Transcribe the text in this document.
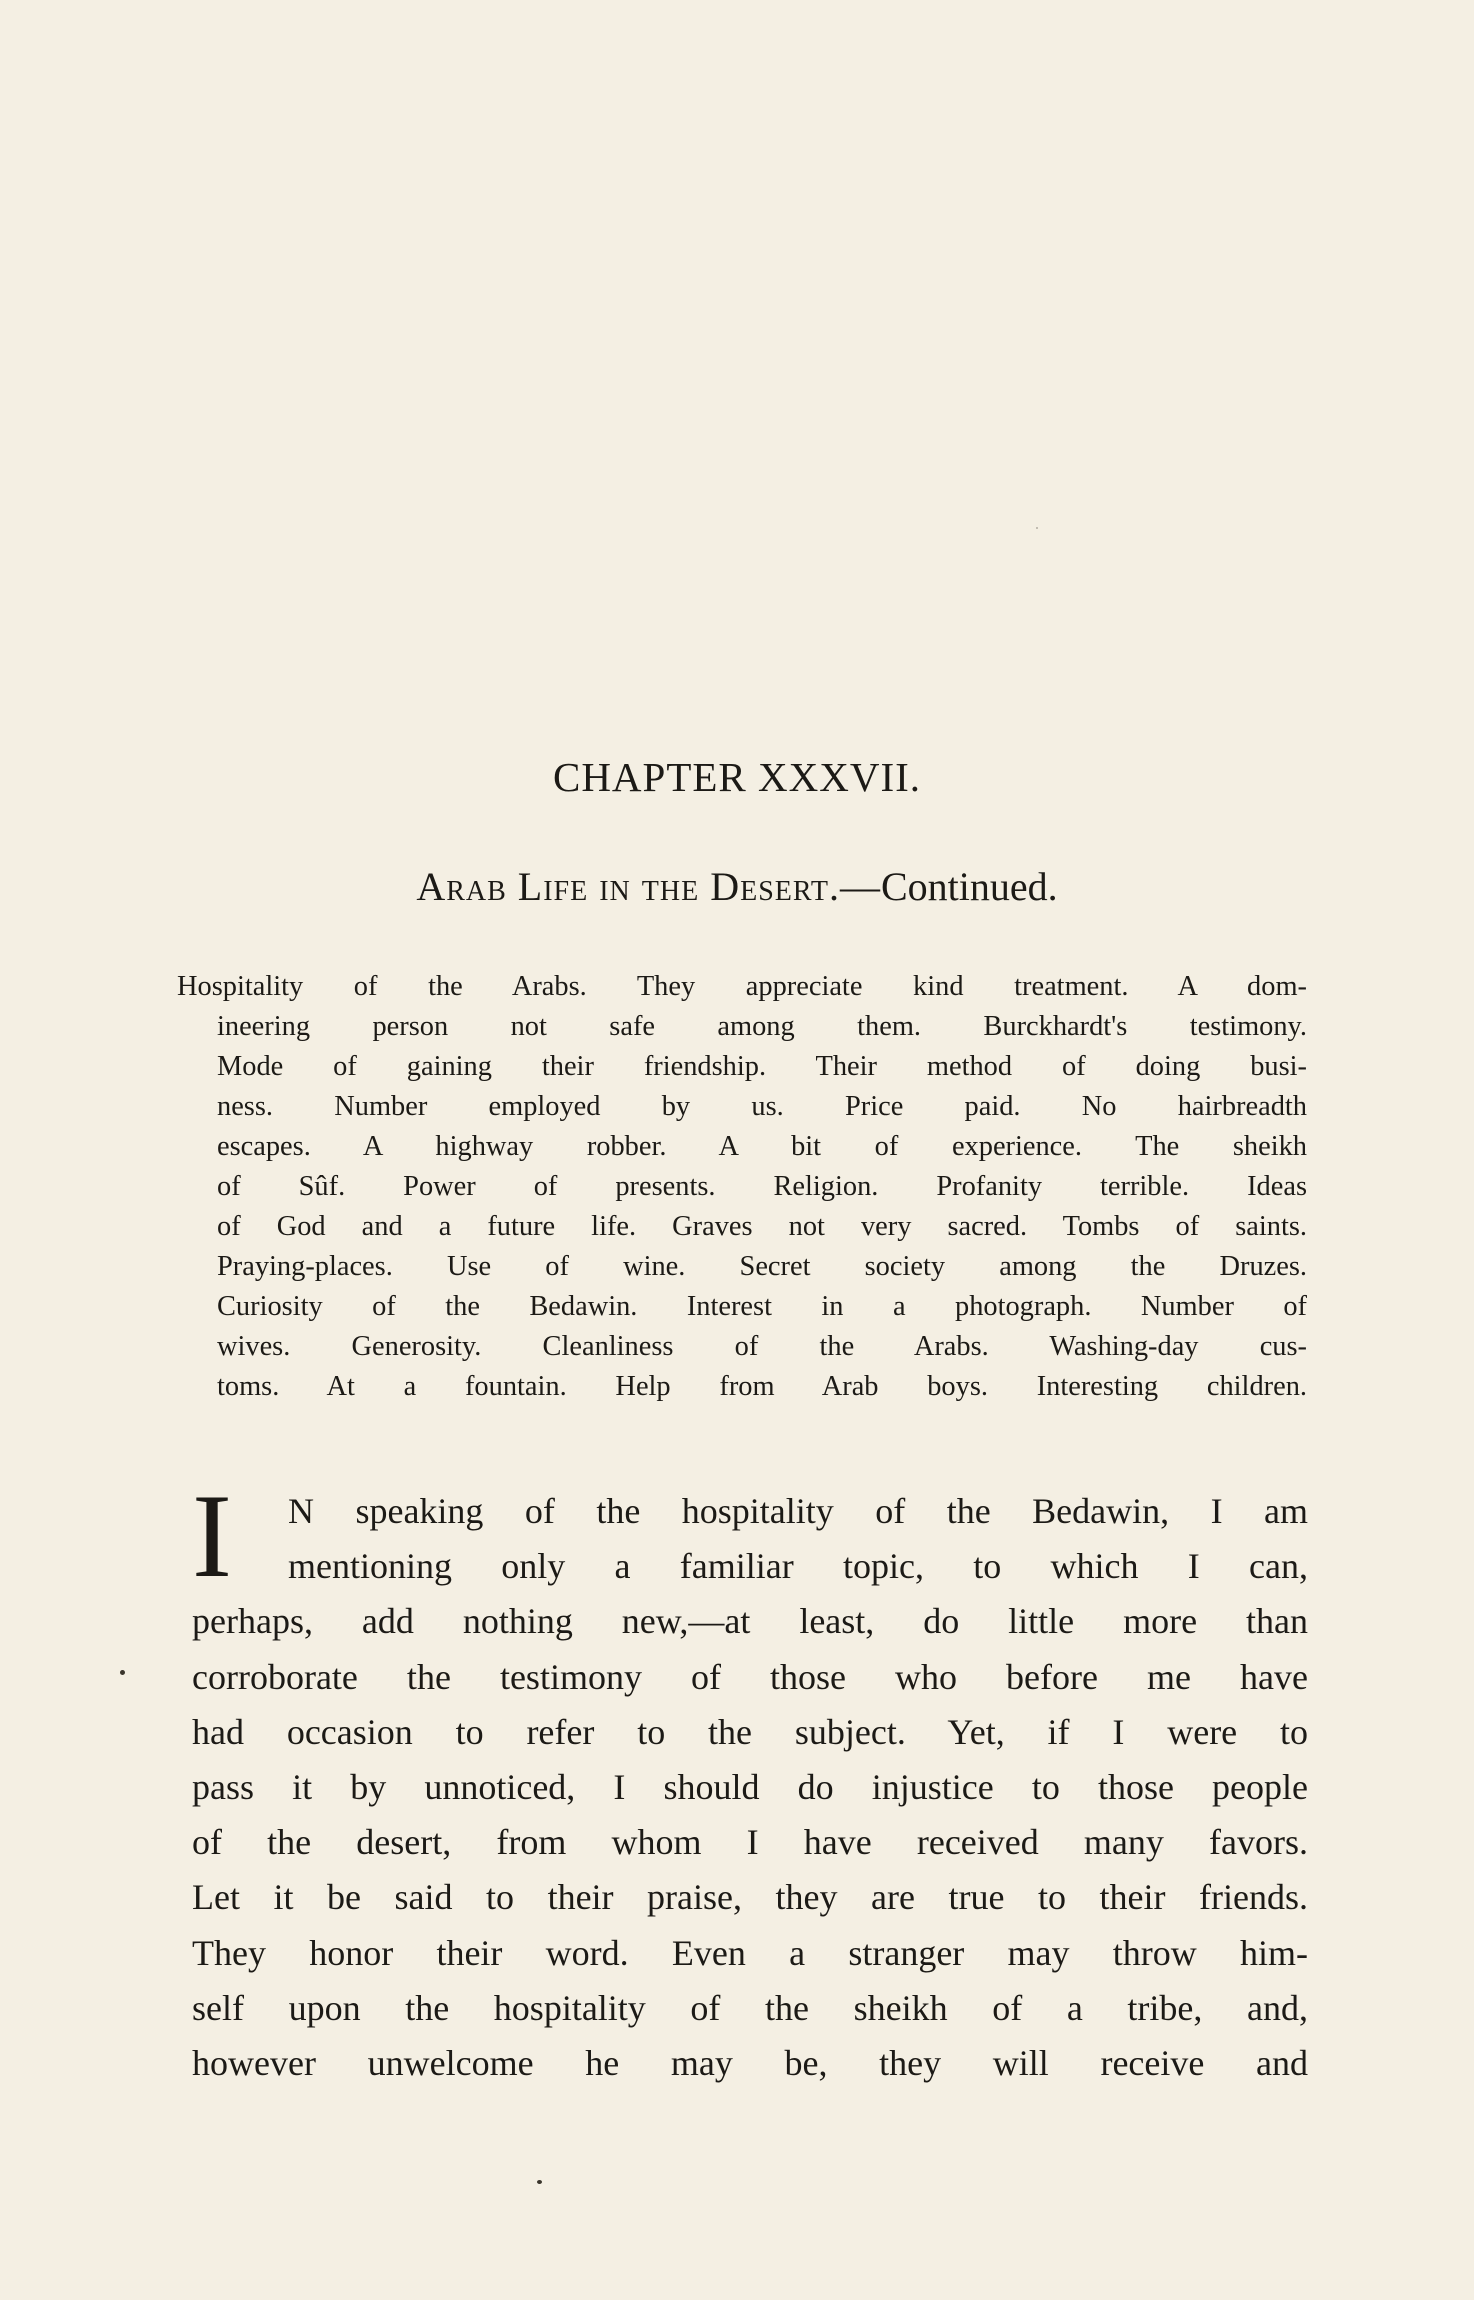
CHAPTER XXXVII.
Arab Life in the Desert.—Continued.
Hospitality of the Arabs. They appreciate kind treatment. A dom-
ineering person not safe among them. Burckhardt's testimony.
Mode of gaining their friendship. Their method of doing busi-
ness. Number employed by us. Price paid. No hairbreadth
escapes. A highway robber. A bit of experience. The sheikh
of Sûf. Power of presents. Religion. Profanity terrible. Ideas
of God and a future life. Graves not very sacred. Tombs of saints.
Praying-places. Use of wine. Secret society among the Druzes.
Curiosity of the Bedawin. Interest in a photograph. Number of
wives. Generosity. Cleanliness of the Arabs. Washing-day cus-
toms. At a fountain. Help from Arab boys. Interesting children.
I	N speaking of the hospitality of the Bedawin, I am
mentioning only a familiar topic, to which I can,
perhaps, add nothing new,—at least, do little more than
corroborate the testimony of those who before me have
had occasion to refer to the subject. Yet, if I were to
pass it by unnoticed, I should do injustice to those people
of the desert, from whom I have received many favors.
Let it be said to their praise, they are true to their friends.
They honor their word. Even a stranger may throw him-
self upon the hospitality of the sheikh of a tribe, and,
however unwelcome he may be, they will receive and
